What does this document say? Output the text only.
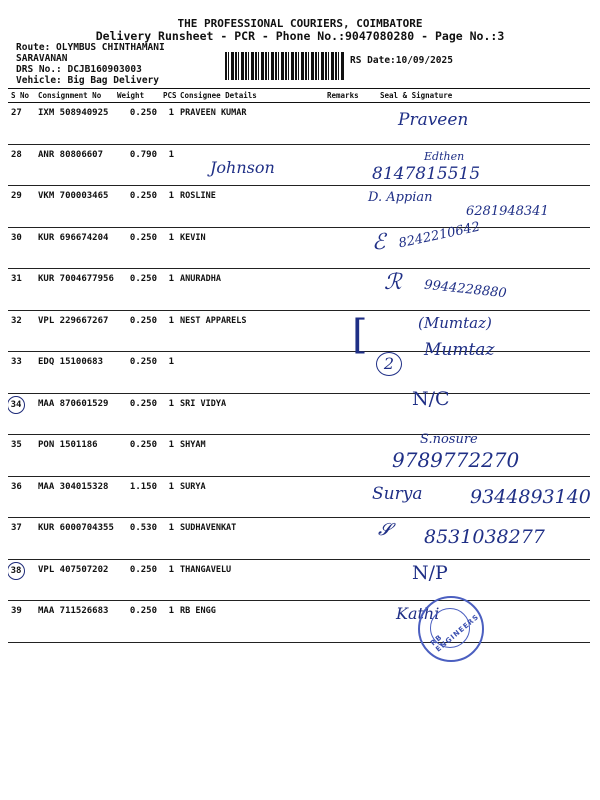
THE PROFESSIONAL COURIERS, COIMBATORE
Delivery Runsheet - PCR - Phone No.:9047080280 - Page No.:3
Route: OLYMBUS CHINTHAMANI
SARAVANAN
DRS No.: DCJB160903003
Vehicle: Big Bag Delivery
RS Date:10/09/2025
S No	Consignment No	Weight	PCS	Consignee Details	Remarks	Seal & Signature
27	IXM 508940925	0.250	1	PRAVEEN KUMAR		
28	ANR 80806607	0.790	1			
29	VKM 700003465	0.250	1	ROSLINE		
30	KUR 696674204	0.250	1	KEVIN		
31	KUR 7004677956	0.250	1	ANURADHA		
32	VPL 229667267	0.250	1	NEST APPARELS		
33	EDQ 15100683	0.250	1			
34	MAA 870601529	0.250	1	SRI VIDYA		
35	PON 1501186	0.250	1	SHYAM		
36	MAA 304015328	1.150	1	SURYA		
37	KUR 6000704355	0.530	1	SUDHAVENKAT		
38	VPL 407507202	0.250	1	THANGAVELU		
39	MAA 711526683	0.250	1	RB ENGG		
Praveen
Johnson
Edthen
8147815515
D. Appian
6281948341
ℰ 8242210642
ℛ 9944228880
(Mumtaz)
[
2
Mumtaz
N/C
S.nosure
9789772270
Surya	9344893140
𝓢 8531038277
N/P
Kathi
RB ENGINEERS
